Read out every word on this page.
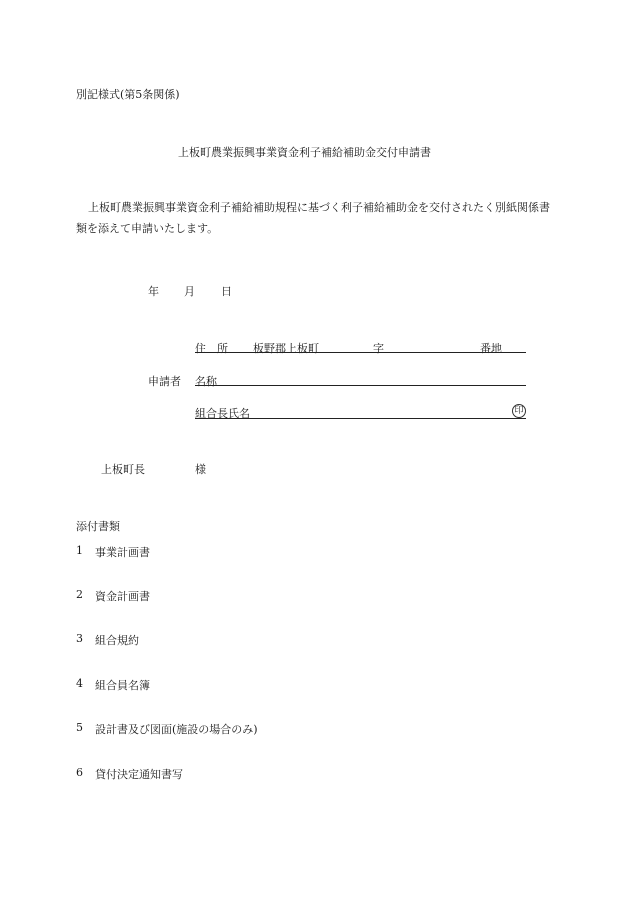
別記様式(第5条関係)
上板町農業振興事業資金利子補給補助金交付申請書
上板町農業振興事業資金利子補給補助規程に基づく利子補給補助金を交付されたく別紙関係書類を添えて申請いたします。
年 月 日
住　所 板野郡上板町	字	番地
申請者 名称
組合長氏名	印
上板町長	様
添付書類
1 事業計画書
2 資金計画書
3 組合規約
4 組合員名簿
5 設計書及び図面(施設の場合のみ)
6 貸付決定通知書写
